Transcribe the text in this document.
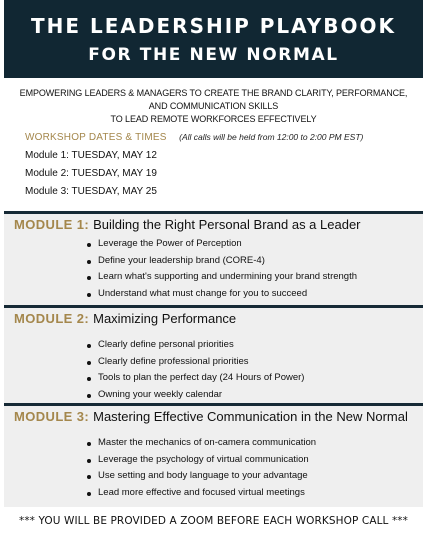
THE LEADERSHIP PLAYBOOK
FOR THE NEW NORMAL
EMPOWERING LEADERS & MANAGERS TO CREATE THE BRAND CLARITY, PERFORMANCE, AND COMMUNICATION SKILLS
TO LEAD REMOTE WORKFORCES EFFECTIVELY
WORKSHOP DATES & TIMES (All calls will be held from 12:00 to 2:00 PM EST)
Module 1: TUESDAY, MAY 12
Module 2: TUESDAY, MAY 19
Module 3: TUESDAY, MAY 25
MODULE 1: Building the Right Personal Brand as a Leader
Leverage the Power of Perception
Define your leadership brand (CORE-4)
Learn what's supporting and undermining your brand strength
Understand what must change for you to succeed
MODULE 2: Maximizing Performance
Clearly define personal priorities
Clearly define professional priorities
Tools to plan the perfect day (24 Hours of Power)
Owning your weekly calendar
MODULE 3: Mastering Effective Communication in the New Normal
Master the mechanics of on-camera communication
Leverage the psychology of virtual communication
Use setting and body language to your advantage
Lead more effective and focused virtual meetings
*** YOU WILL BE PROVIDED A ZOOM BEFORE EACH WORKSHOP CALL ***
